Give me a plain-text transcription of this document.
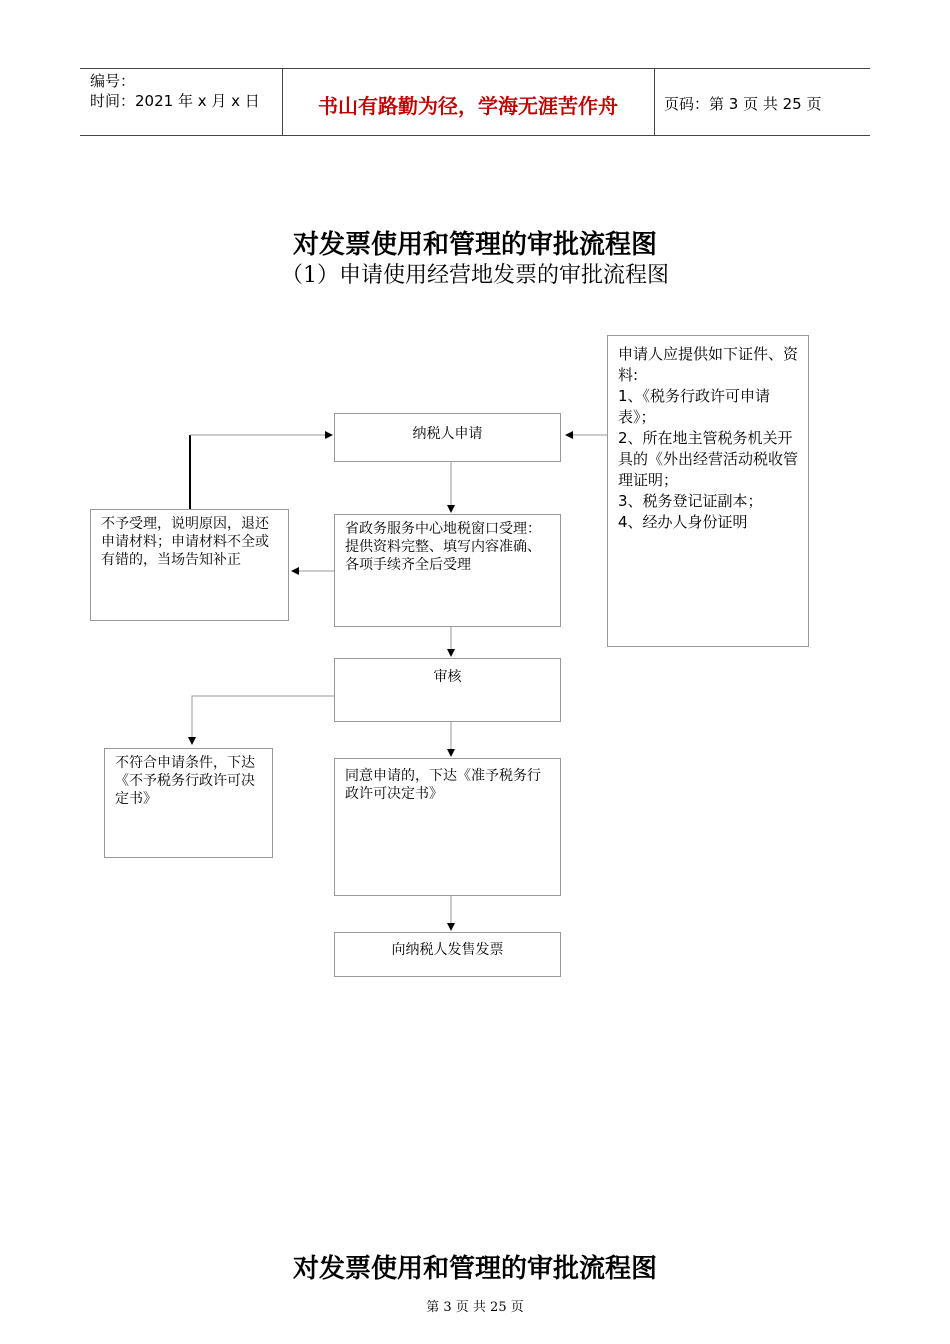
编号：
时间：2021 年 x 月 x 日	书山有路勤为径，学海无涯苦作舟	页码：第 3 页 共 25 页
对发票使用和管理的审批流程图
（1）申请使用经营地发票的审批流程图
纳税人申请
省政务服务中心地税窗口受理：提供资料完整、填写内容准确、各项手续齐全后受理
不予受理，说明原因，退还申请材料；申请材料不全或有错的，当场告知补正
审核
不符合申请条件，下达《不予税务行政许可决定书》
同意申请的，下达《准予税务行政许可决定书》
向纳税人发售发票
申请人应提供如下证件、资料:
1、《税务行政许可申请表》；
2、所在地主管税务机关开具的《外出经营活动税收管理证明；
3、税务登记证副本；
4、经办人身份证明
对发票使用和管理的审批流程图
第 3 页 共 25 页
